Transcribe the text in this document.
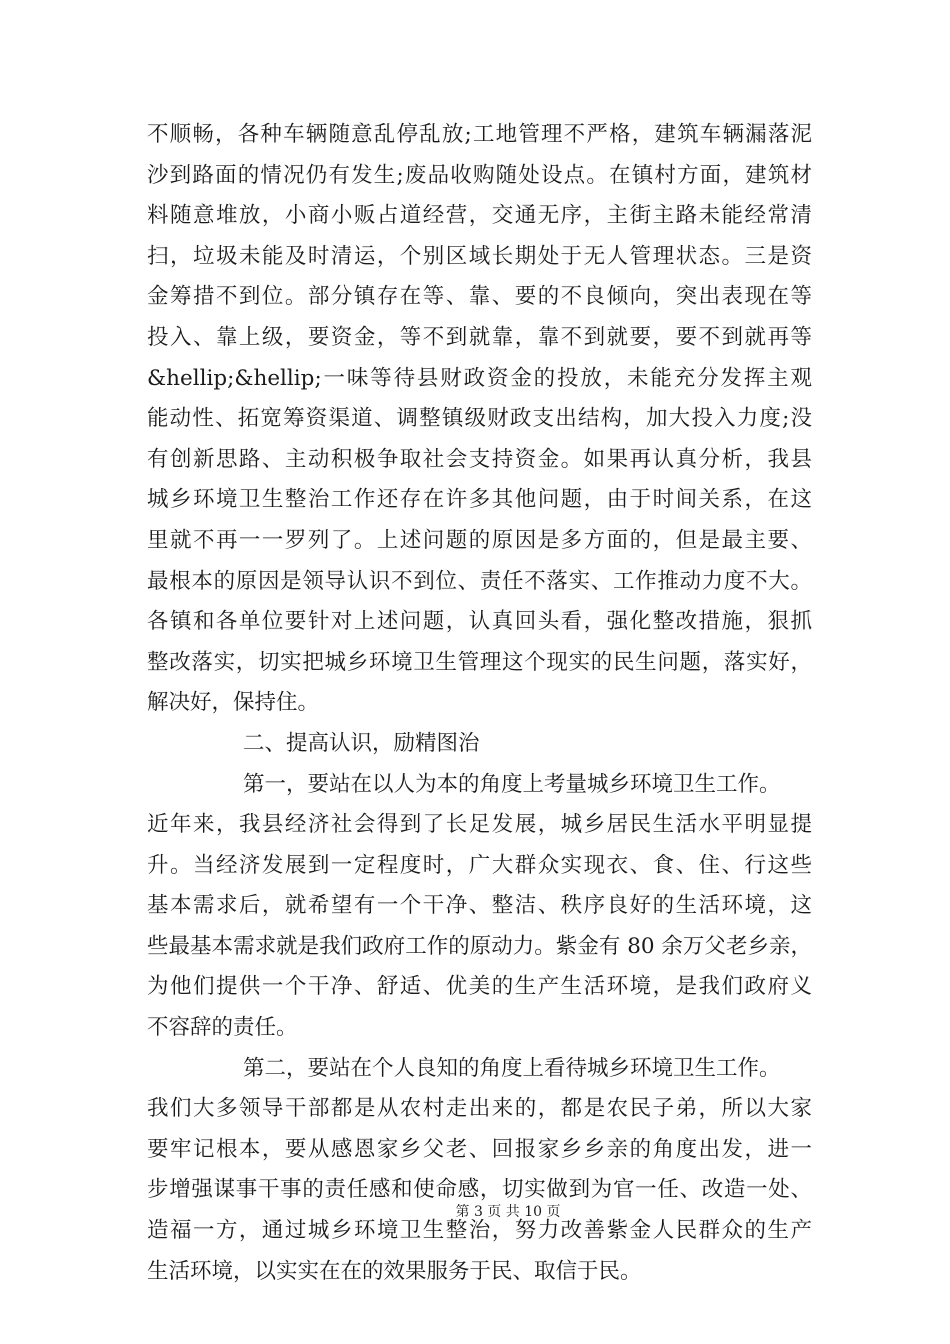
不顺畅，各种车辆随意乱停乱放;工地管理不严格，建筑车辆漏落泥
沙到路面的情况仍有发生;废品收购随处设点。在镇村方面，建筑材
料随意堆放，小商小贩占道经营，交通无序，主街主路未能经常清
扫，垃圾未能及时清运，个别区域长期处于无人管理状态。三是资
金筹措不到位。部分镇存在等、靠、要的不良倾向，突出表现在等
投入、靠上级，要资金，等不到就靠，靠不到就要，要不到就再等
&hellip;&hellip;一味等待县财政资金的投放，未能充分发挥主观
能动性、拓宽筹资渠道、调整镇级财政支出结构，加大投入力度;没
有创新思路、主动积极争取社会支持资金。如果再认真分析，我县
城乡环境卫生整治工作还存在许多其他问题，由于时间关系，在这
里就不再一一罗列了。上述问题的原因是多方面的，但是最主要、
最根本的原因是领导认识不到位、责任不落实、工作推动力度不大。
各镇和各单位要针对上述问题，认真回头看，强化整改措施，狠抓
整改落实，切实把城乡环境卫生管理这个现实的民生问题，落实好，
解决好，保持住。
二、提高认识，励精图治
第一，要站在以人为本的角度上考量城乡环境卫生工作。
近年来，我县经济社会得到了长足发展，城乡居民生活水平明显提
升。当经济发展到一定程度时，广大群众实现衣、食、住、行这些
基本需求后，就希望有一个干净、整洁、秩序良好的生活环境，这
些最基本需求就是我们政府工作的原动力。紫金有 80 余万父老乡亲，
为他们提供一个干净、舒适、优美的生产生活环境，是我们政府义
不容辞的责任。
第二，要站在个人良知的角度上看待城乡环境卫生工作。
我们大多领导干部都是从农村走出来的，都是农民子弟，所以大家
要牢记根本，要从感恩家乡父老、回报家乡乡亲的角度出发，进一
步增强谋事干事的责任感和使命感，切实做到为官一任、改造一处、
造福一方，通过城乡环境卫生整治，努力改善紫金人民群众的生产
生活环境，以实实在在的效果服务于民、取信于民。
第 3 页 共 10 页
